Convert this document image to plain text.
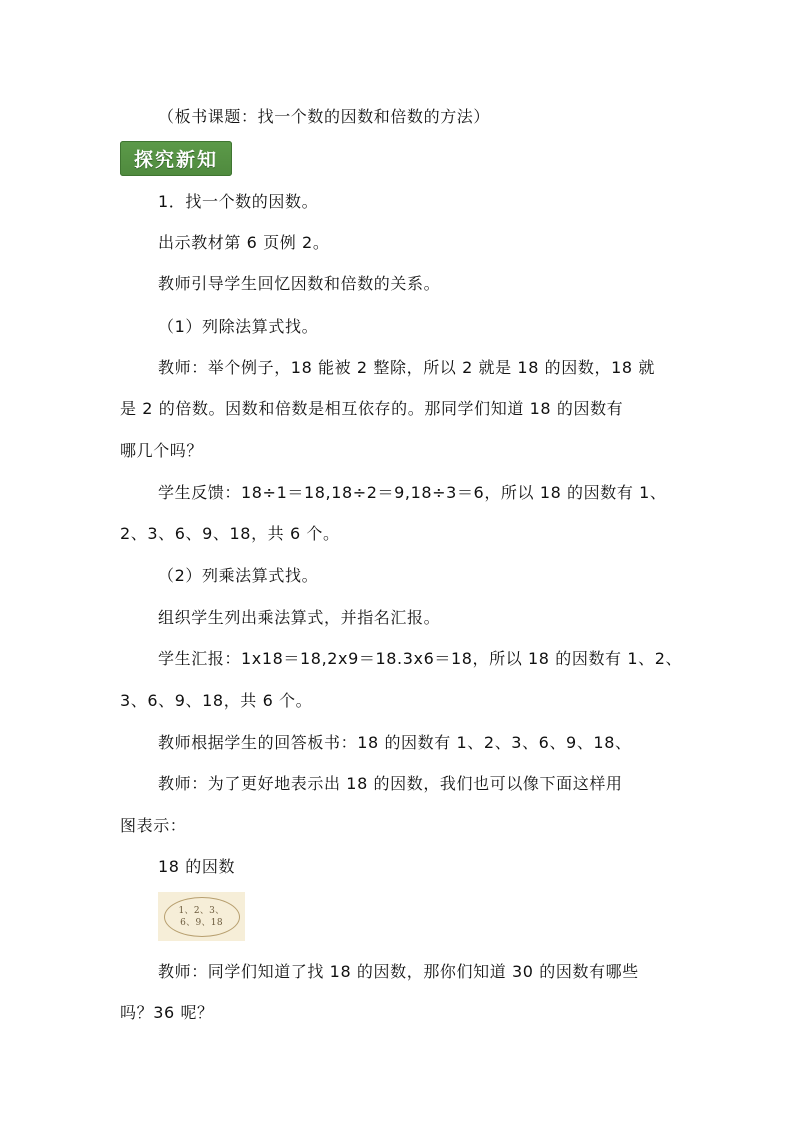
（板书课题：找一个数的因数和倍数的方法）
探究新知
1．找一个数的因数。
出示教材第 6 页例 2。
教师引导学生回忆因数和倍数的关系。
（1）列除法算式找。
教师：举个例子，18 能被 2 整除，所以 2 就是 18 的因数，18 就
是 2 的倍数。因数和倍数是相互依存的。那同学们知道 18 的因数有
哪几个吗？
学生反馈：18÷1＝18,18÷2＝9,18÷3＝6，所以 18 的因数有 1、
2、3、6、9、18，共 6 个。
（2）列乘法算式找。
组织学生列出乘法算式，并指名汇报。
学生汇报：1x18＝18,2x9＝18.3x6＝18，所以 18 的因数有 1、2、
3、6、9、18，共 6 个。
教师根据学生的回答板书：18 的因数有 1、2、3、6、9、18、
教师：为了更好地表示出 18 的因数，我们也可以像下面这样用
图表示：
18 的因数
1、2、3、
6、9、18
教师：同学们知道了找 18 的因数，那你们知道 30 的因数有哪些
吗？36 呢？
